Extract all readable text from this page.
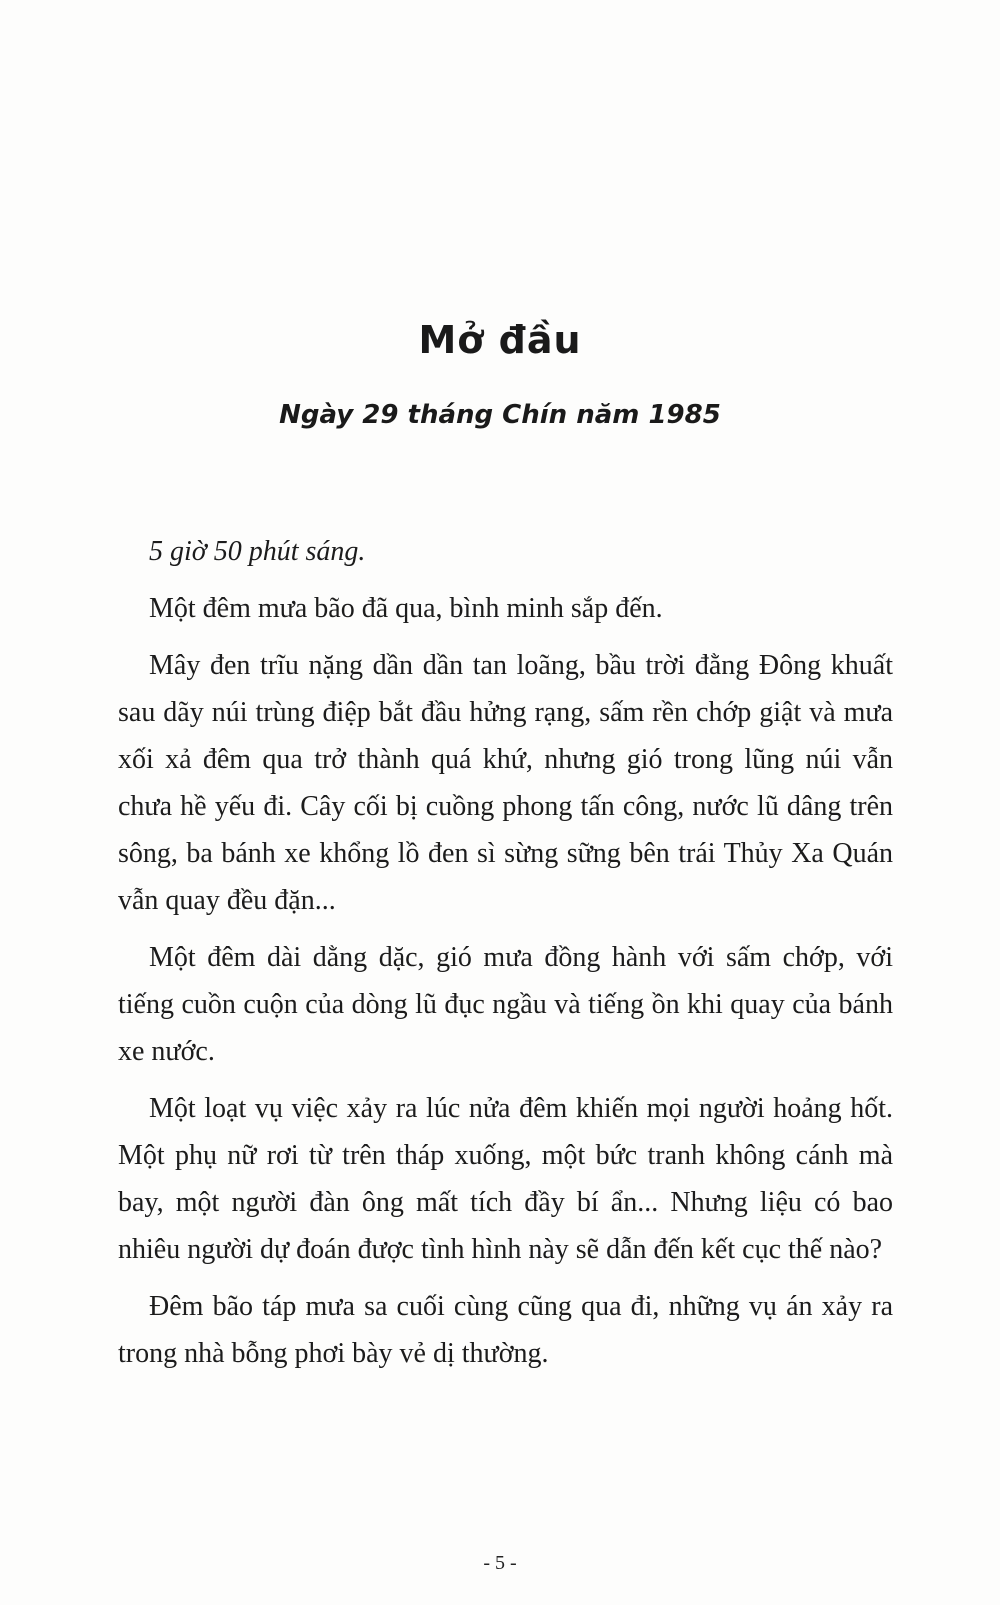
Mở đầu
Ngày 29 tháng Chín năm 1985

5 giờ 50 phút sáng.

Một đêm mưa bão đã qua, bình minh sắp đến.

Mây đen trĩu nặng dần dần tan loãng, bầu trời đằng Đông khuất sau dãy núi trùng điệp bắt đầu hửng rạng, sấm rền chớp giật và mưa xối xả đêm qua trở thành quá khứ, nhưng gió trong lũng núi vẫn chưa hề yếu đi. Cây cối bị cuồng phong tấn công, nước lũ dâng trên sông, ba bánh xe khổng lồ đen sì sừng sững bên trái Thủy Xa Quán vẫn quay đều đặn...

Một đêm dài dằng dặc, gió mưa đồng hành với sấm chớp, với tiếng cuồn cuộn của dòng lũ đục ngầu và tiếng ồn khi quay của bánh xe nước.

Một loạt vụ việc xảy ra lúc nửa đêm khiến mọi người hoảng hốt. Một phụ nữ rơi từ trên tháp xuống, một bức tranh không cánh mà bay, một người đàn ông mất tích đầy bí ẩn... Nhưng liệu có bao nhiêu người dự đoán được tình hình này sẽ dẫn đến kết cục thế nào?

Đêm bão táp mưa sa cuối cùng cũng qua đi, những vụ án xảy ra trong nhà bỗng phơi bày vẻ dị thường.

- 5 -
